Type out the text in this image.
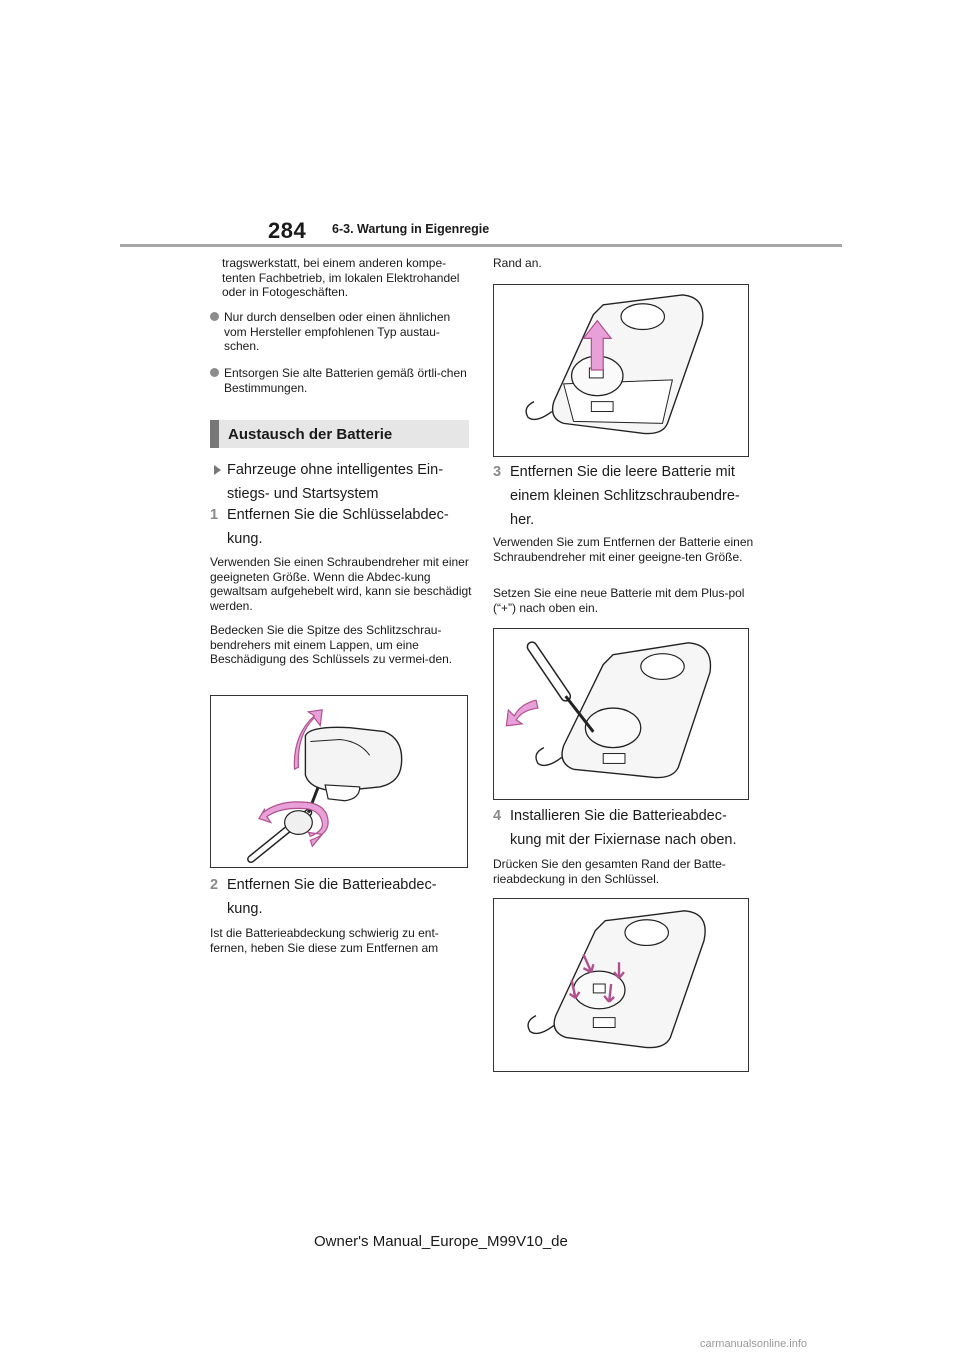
284 6-3. Wartung in Eigenregie
tragswerkstatt, bei einem anderen kompe-tenten Fachbetrieb, im lokalen Elektrohandel oder in Fotogeschäften.
Nur durch denselben oder einen ähnlichen vom Hersteller empfohlenen Typ austau-schen.
Entsorgen Sie alte Batterien gemäß örtli-chen Bestimmungen.
Austausch der Batterie
Fahrzeuge ohne intelligentes Ein-stiegs- und Startsystem
1 Entfernen Sie die Schlüsselabdec-kung.
Verwenden Sie einen Schraubendreher mit einer geeigneten Größe. Wenn die Abdec-kung gewaltsam aufgehebelt wird, kann sie beschädigt werden.
Bedecken Sie die Spitze des Schlitzschrau-bendrehers mit einem Lappen, um eine Beschädigung des Schlüssels zu vermei-den.
2 Entfernen Sie die Batterieabdec-kung.
Ist die Batterieabdeckung schwierig zu ent-fernen, heben Sie diese zum Entfernen am
Rand an.
3 Entfernen Sie die leere Batterie mit einem kleinen Schlitzschraubendre-her.
Verwenden Sie zum Entfernen der Batterie einen Schraubendreher mit einer geeigne-ten Größe.
Setzen Sie eine neue Batterie mit dem Plus-pol (“+”) nach oben ein.
4 Installieren Sie die Batterieabdec-kung mit der Fixiernase nach oben.
Drücken Sie den gesamten Rand der Batte-rieabdeckung in den Schlüssel.
Owner's Manual_Europe_M99V10_de
carmanualsonline.info
